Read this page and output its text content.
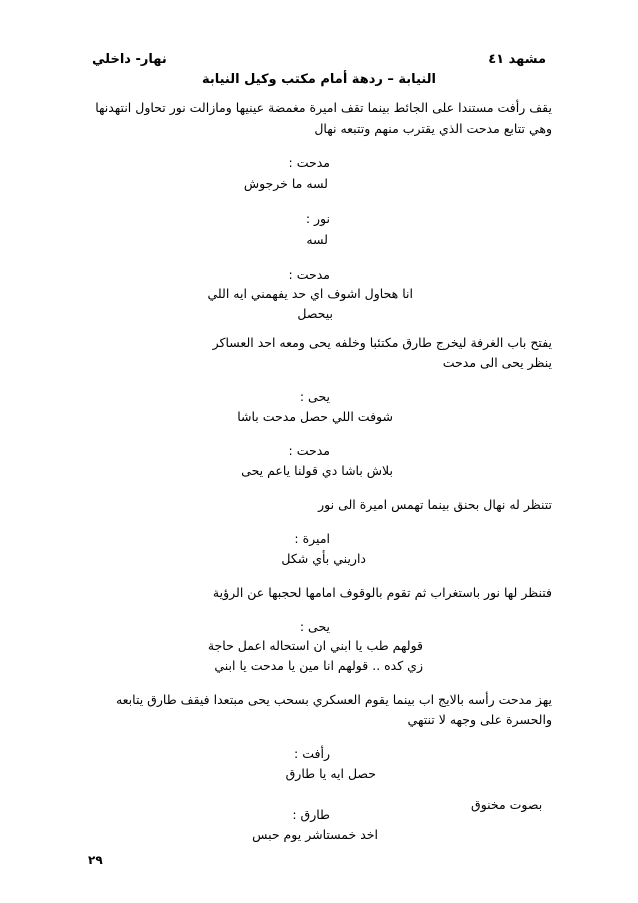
مشهد ٤١
نهار- داخلي
النيابة – ردهة أمام مكتب وكيل النيابة
يقف رأفت مستندا على الجائط بينما تقف اميرة مغمضة عينيها ومازالت نور تحاول انتهدنها
وهي تتابع مدحت الذي يقترب منهم وتتبعه نهال
مدحت :
لسه ما خرجوش
نور :
لسه
مدحت :
انا هحاول اشوف اي حد يفهمني ايه اللي
بيحصل
يفتح باب الغرفة ليخرج طارق مكتئبا وخلفه يحى ومعه احد العساكر
ينظر يحى الى مدحت
يحى :
شوفت اللي حصل مدحت باشا
مدحت :
بلاش باشا دي قولنا ياعم يحى
تتنظر له نهال بحنق بينما تهمس اميرة الى نور
اميرة :
داريني بأي شكل
فتنظر لها نور باستغراب ثم تقوم بالوقوف امامها لحجبها عن الرؤية
يحى :
قولهم طب يا ابني ان استحاله اعمل حاجة
زي كده .. قولهم انا مين يا مدحت يا ابني
يهز مدحت رأسه بالايج اب بينما يقوم العسكري بسحب يحى مبتعدا فيقف طارق يتابعه
والحسرة على وجهه لا تنتهي
رأفت :
حصل ايه يا طارق
بصوت مخنوق
طارق :
اخد خمستاشر يوم حبس
٢٩
